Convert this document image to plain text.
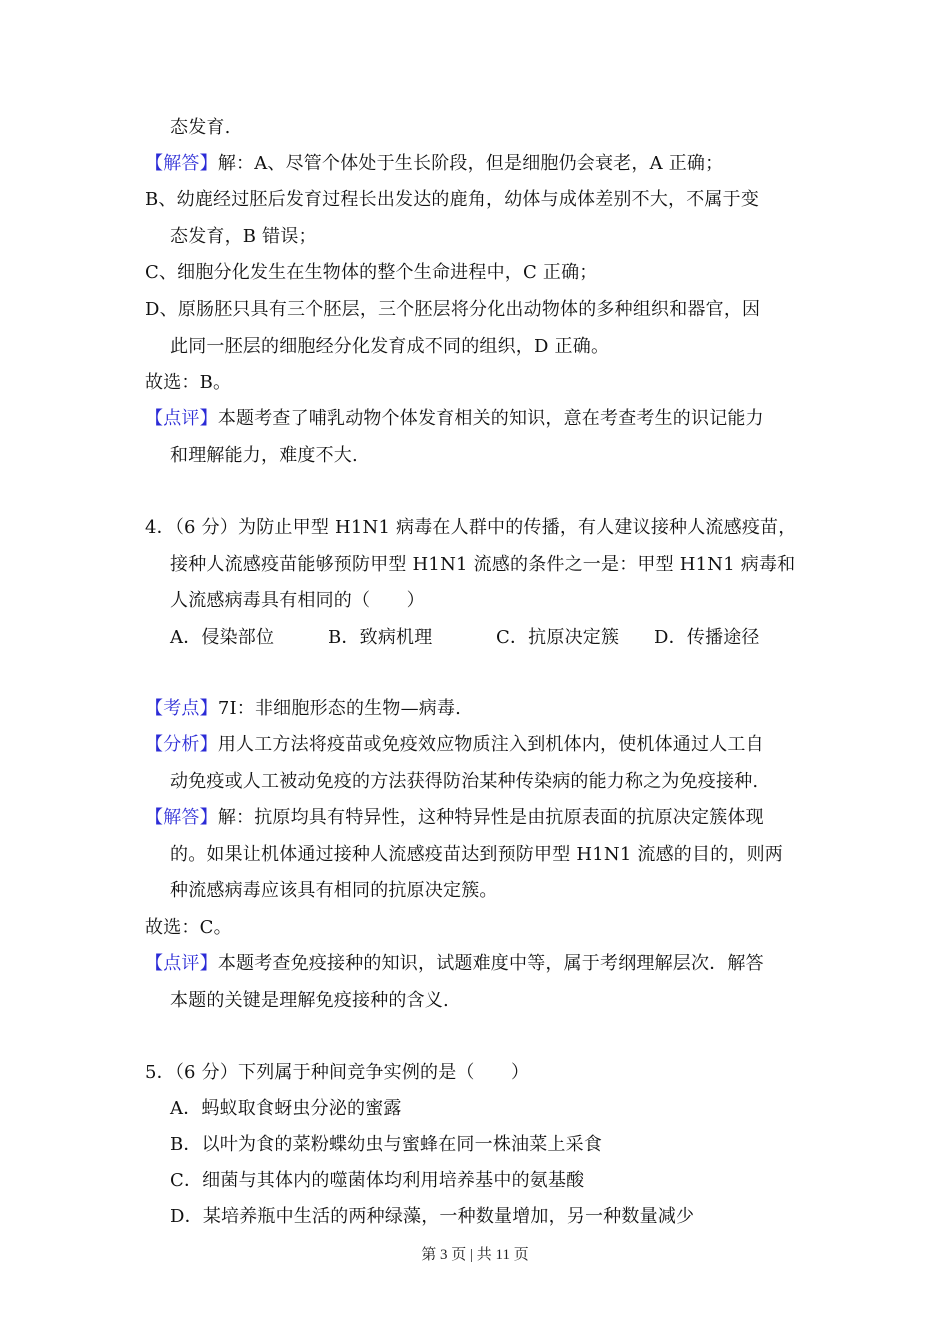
态发育.
【解答】解：A、尽管个体处于生长阶段，但是细胞仍会衰老，A 正确；
B、幼鹿经过胚后发育过程长出发达的鹿角，幼体与成体差别不大，不属于变
态发育，B 错误；
C、细胞分化发生在生物体的整个生命进程中，C 正确；
D、原肠胚只具有三个胚层，三个胚层将分化出动物体的多种组织和器官，因
此同一胚层的细胞经分化发育成不同的组织，D 正确。
故选：B。
【点评】本题考查了哺乳动物个体发育相关的知识，意在考查考生的识记能力
和理解能力，难度不大.
4．（6 分）为防止甲型 H1N1 病毒在人群中的传播，有人建议接种人流感疫苗，
接种人流感疫苗能够预防甲型 H1N1 流感的条件之一是：甲型 H1N1 病毒和
人流感病毒具有相同的（　　）
A．侵染部位	B．致病机理	C．抗原决定簇 D．传播途径
【考点】7I：非细胞形态的生物—病毒.
【分析】用人工方法将疫苗或免疫效应物质注入到机体内，使机体通过人工自
动免疫或人工被动免疫的方法获得防治某种传染病的能力称之为免疫接种.
【解答】解：抗原均具有特异性，这种特异性是由抗原表面的抗原决定簇体现
的。如果让机体通过接种人流感疫苗达到预防甲型 H1N1 流感的目的，则两
种流感病毒应该具有相同的抗原决定簇。
故选：C。
【点评】本题考查免疫接种的知识，试题难度中等，属于考纲理解层次．解答
本题的关键是理解免疫接种的含义.
5．（6 分）下列属于种间竞争实例的是（　　）
A．蚂蚁取食蚜虫分泌的蜜露
B．以叶为食的菜粉蝶幼虫与蜜蜂在同一株油菜上采食
C．细菌与其体内的噬菌体均利用培养基中的氨基酸
D．某培养瓶中生活的两种绿藻，一种数量增加，另一种数量减少
第 3 页 | 共 11 页
